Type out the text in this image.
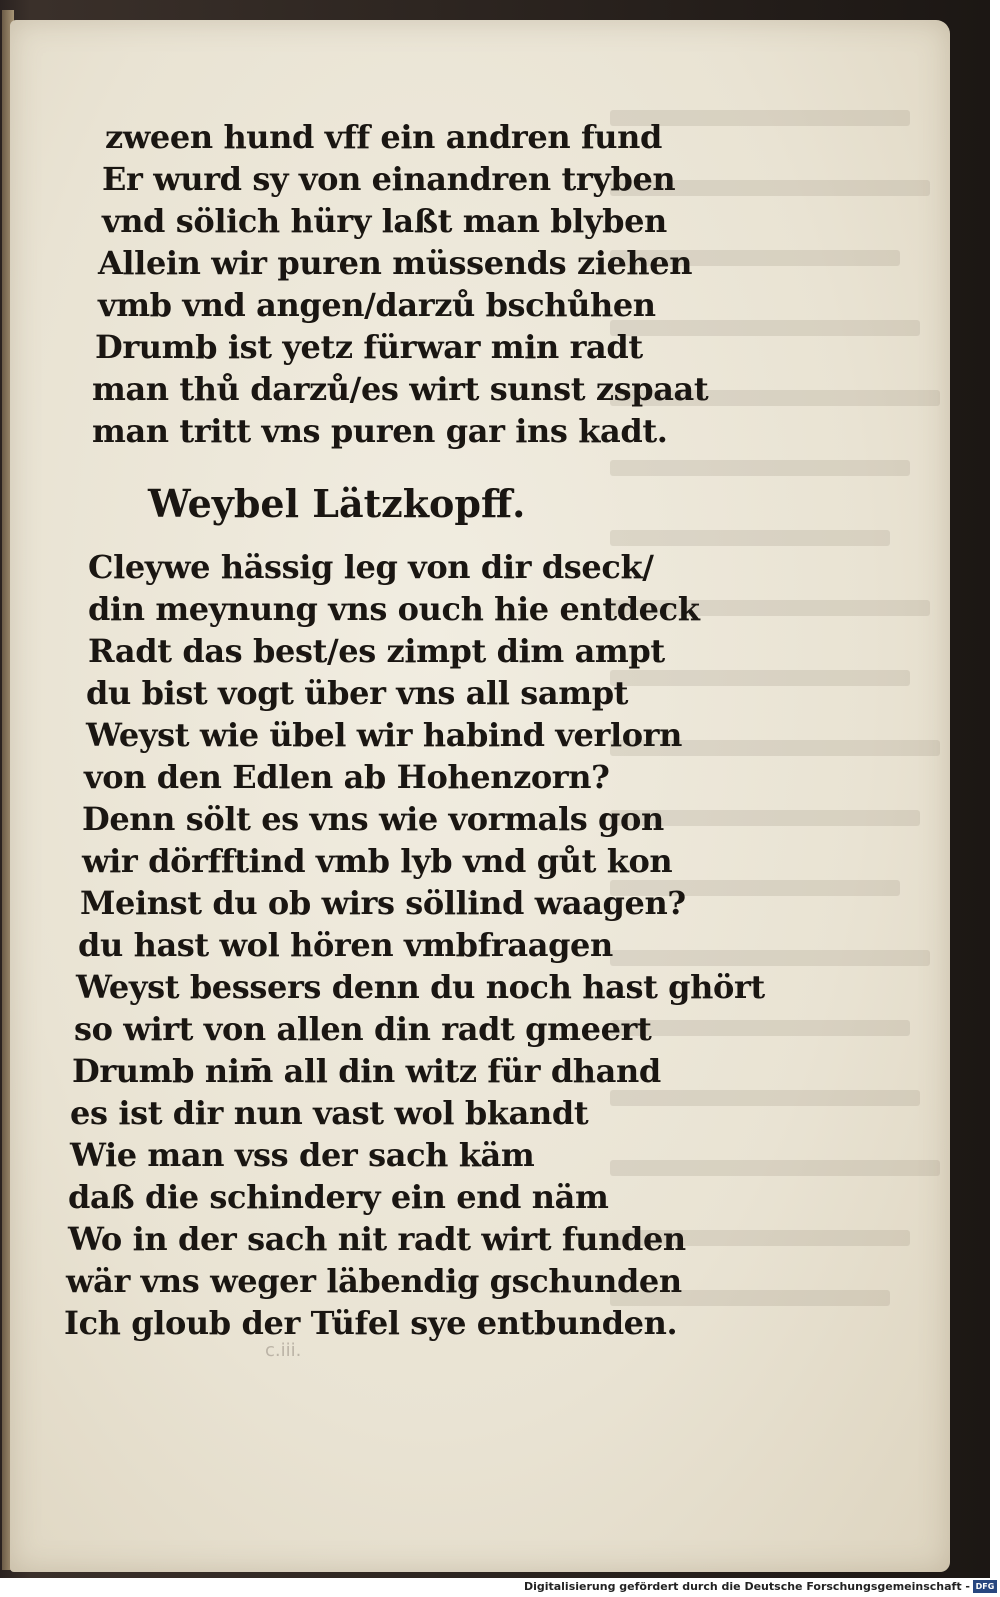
zween hund vff ein andren fund
Er wurd sy von einandren tryben
vnd sölich hüry laßt man blyben
Allein wir puren müssends ziehen
vmb vnd angen/darzů bschůhen
Drumb ist yetz fürwar min radt
man thů darzů/es wirt sunst zspaat
man tritt vns puren gar ins kadt.
Weybel Lätzkopff.
Cleywe hässig leg von dir dseck/
din meynung vns ouch hie entdeck
Radt das best/es zimpt dim ampt
du bist vogt über vns all sampt
Weyst wie übel wir habind verlorn
von den Edlen ab Hohenzorn?
Denn sölt es vns wie vormals gon
wir dörfftind vmb lyb vnd gůt kon
Meinst du ob wirs söllind waagen?
du hast wol hören vmbfraagen
Weyst bessers denn du noch hast ghört
so wirt von allen din radt gmeert
Drumb nim̄ all din witz für dhand
es ist dir nun vast wol bkandt
Wie man vss der sach käm
daß die schindery ein end näm
Wo in der sach nit radt wirt funden
wär vns weger läbendig gschunden
Ich gloub der Tüfel sye entbunden.
c.iii.
Digitalisierung gefördert durch die Deutsche Forschungsgemeinschaft - DFG
